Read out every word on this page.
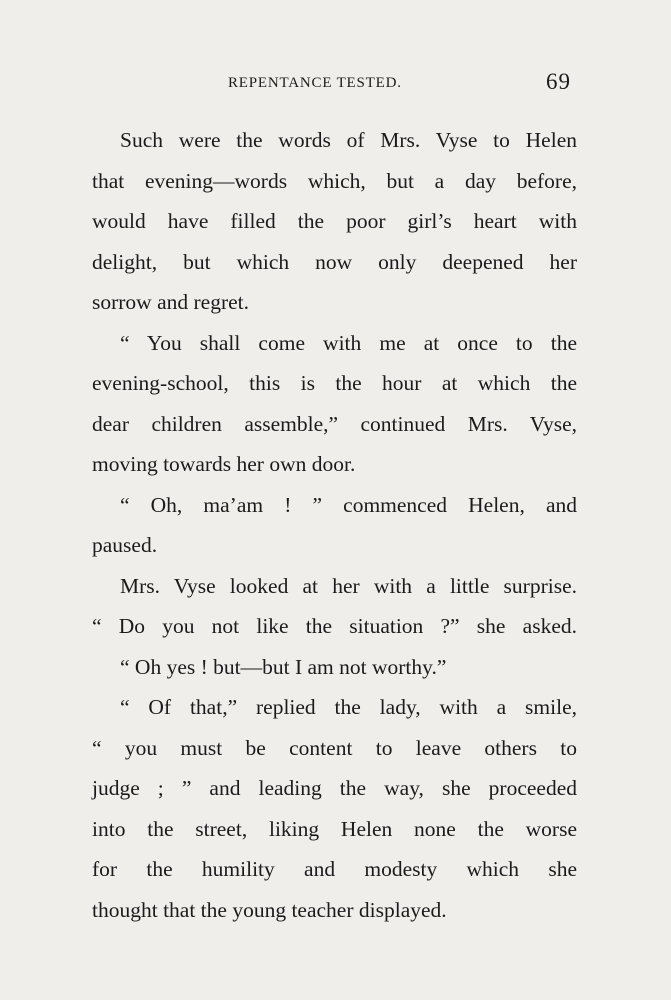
REPENTANCE TESTED.	69
Such were the words of Mrs. Vyse to Helen
that evening—words which, but a day before,
would have filled the poor girl’s heart with
delight, but which now only deepened her
sorrow and regret.
“ You shall come with me at once to the
evening-school, this is the hour at which the
dear children assemble,” continued Mrs. Vyse,
moving towards her own door.
“ Oh, ma’am ! ” commenced Helen, and
paused.
Mrs. Vyse looked at her with a little surprise.
“ Do you not like the situation ?” she asked.
“ Oh yes ! but—but I am not worthy.”
“ Of that,” replied the lady, with a smile,
“ you must be content to leave others to
judge ; ” and leading the way, she proceeded
into the street, liking Helen none the worse
for the humility and modesty which she
thought that the young teacher displayed.
